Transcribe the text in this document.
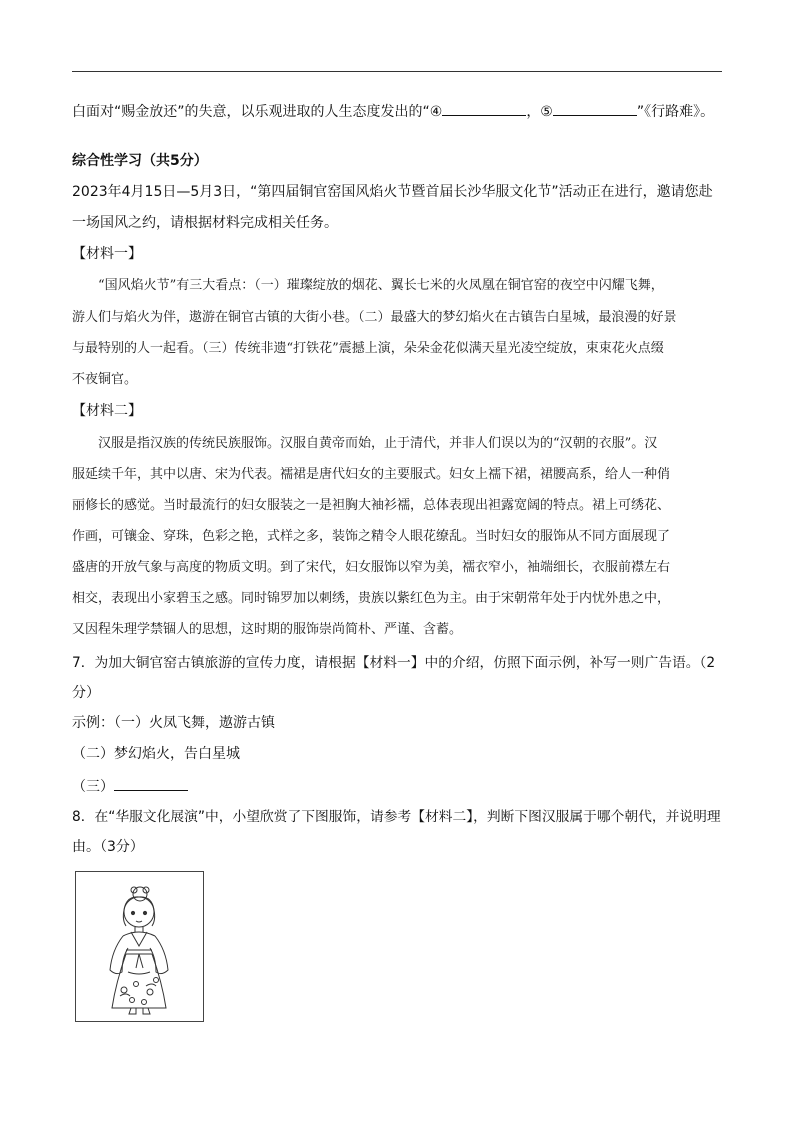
白面对“赐金放还”的失意，以乐观进取的人生态度发出的“④	，⑤	”《行路难》。
综合性学习（共5分）
2023年4月15日—5月3日，“第四届铜官窑国风焰火节暨首届长沙华服文化节”活动正在进行，邀请您赴
一场国风之约，请根据材料完成相关任务。
【材料一】
“国风焰火节”有三大看点：（一）璀璨绽放的烟花、翼长七米的火凤凰在铜官窑的夜空中闪耀飞舞，
游人们与焰火为伴，遨游在铜官古镇的大街小巷。（二）最盛大的梦幻焰火在古镇告白星城，最浪漫的好景
与最特别的人一起看。（三）传统非遗“打铁花”震撼上演，朵朵金花似满天星光凌空绽放，束束花火点缀
不夜铜官。
【材料二】
汉服是指汉族的传统民族服饰。汉服自黄帝而始，止于清代，并非人们误以为的“汉朝的衣服”。汉
服延续千年，其中以唐、宋为代表。襦裙是唐代妇女的主要服式。妇女上襦下裙，裙腰高系，给人一种俏
丽修长的感觉。当时最流行的妇女服装之一是袒胸大袖衫襦，总体表现出袒露宽阔的特点。裙上可绣花、
作画，可镶金、穿珠，色彩之艳，式样之多，装饰之精令人眼花缭乱。当时妇女的服饰从不同方面展现了
盛唐的开放气象与高度的物质文明。到了宋代，妇女服饰以窄为美，襦衣窄小，袖端细长，衣服前襟左右
相交，表现出小家碧玉之感。同时锦罗加以刺绣，贵族以紫红色为主。由于宋朝常年处于内忧外患之中，
又因程朱理学禁锢人的思想，这时期的服饰崇尚简朴、严谨、含蓄。
7．为加大铜官窑古镇旅游的宣传力度，请根据【材料一】中的介绍，仿照下面示例，补写一则广告语。（2
分）
示例：（一）火凤飞舞，遨游古镇
（二）梦幻焰火，告白星城
（三）
8．在“华服文化展演”中，小望欣赏了下图服饰，请参考【材料二】，判断下图汉服属于哪个朝代，并说明理
由。（3分）
